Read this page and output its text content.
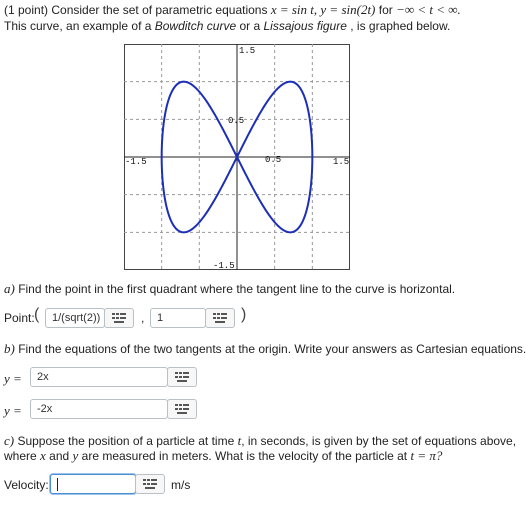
(1 point) Consider the set of parametric equations x = sin t, y = sin(2t) for −∞ < t < ∞.
This curve, an example of a Bowditch curve or a Lissajous figure , is graphed below.
1.5
0.5
-1.5
-1.5	0.5	1.5
a) Find the point in the first quadrant where the tangent line to the curve is horizontal.
Point: (	1/(sqrt(2))	,	1	)
b) Find the equations of the two tangents at the origin. Write your answers as Cartesian equations.
y =	2x
y =	-2x
c) Suppose the position of a particle at time t, in seconds, is given by the set of equations above,
where x and y are measured in meters. What is the velocity of the particle at t = π?
Velocity:	m/s
